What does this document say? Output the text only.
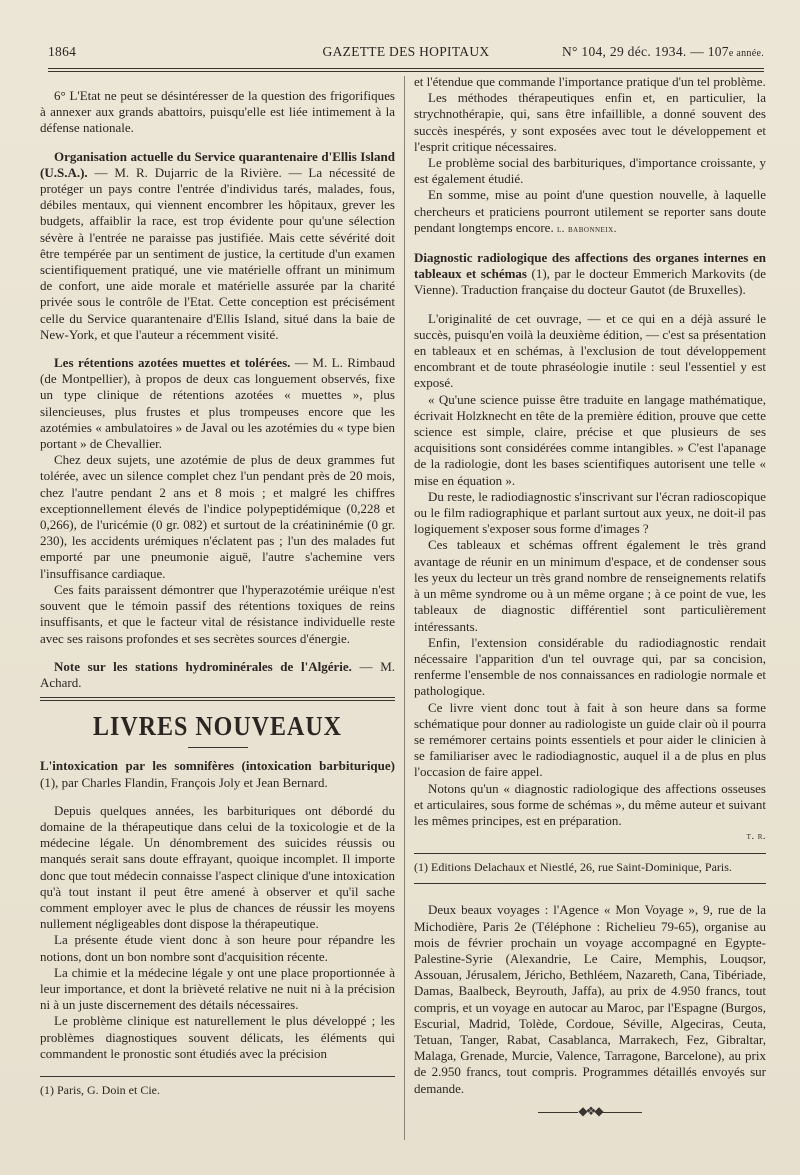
1864	GAZETTE DES HOPITAUX	N° 104, 29 déc. 1934. — 107e année.

6° L'Etat ne peut se désintéresser de la question des frigorifiques à annexer aux grands abattoirs, puisqu'elle est liée intimement à la défense nationale.

Organisation actuelle du Service quarantenaire d'Ellis Island (U.S.A.). — M. R. Dujarric de la Rivière. — La nécessité de protéger un pays contre l'entrée d'individus tarés, malades, fous, débiles mentaux, qui viennent encombrer les hôpitaux, grever les budgets, affaiblir la race, est trop évidente pour qu'une sélection sévère à l'entrée ne paraisse pas justifiée. Mais cette sévérité doit être tempérée par un sentiment de justice, la certitude d'un examen scientifiquement pratiqué, une vie matérielle offrant un minimum de confort, une aide morale et matérielle assurée par la charité privée sous le contrôle de l'Etat. Cette conception est précisément celle du Service quarantenaire d'Ellis Island, situé dans la baie de New-York, et que l'auteur a récemment visité.

Les rétentions azotées muettes et tolérées. — M. L. Rimbaud (de Montpellier), à propos de deux cas longuement observés, fixe un type clinique de rétentions azotées « muettes », plus silencieuses, plus frustes et plus trompeuses encore que les azotémies « ambulatoires » de Javal ou les azotémies du « type bien portant » de Chevallier.

Chez deux sujets, une azotémie de plus de deux grammes fut tolérée, avec un silence complet chez l'un pendant près de 20 mois, chez l'autre pendant 2 ans et 8 mois ; et malgré les chiffres exceptionnellement élevés de l'indice polypeptidémique (0,228 et 0,266), de l'uricémie (0 gr. 082) et surtout de la créatininémie (0 gr. 230), les accidents urémiques n'éclatent pas ; l'un des malades fut emporté par une pneumonie aiguë, l'autre s'achemine vers l'insuffisance cardiaque.

Ces faits paraissent démontrer que l'hyperazotémie uréique n'est souvent que le témoin passif des rétentions toxiques de reins insuffisants, et que le facteur vital de résistance individuelle reste avec ses raisons profondes et ses secrètes sources d'énergie.

Note sur les stations hydrominérales de l'Algérie. — M. Achard.

LIVRES NOUVEAUX

L'intoxication par les somnifères (intoxication barbiturique) (1), par Charles Flandin, François Joly et Jean Bernard.

Depuis quelques années, les barbituriques ont débordé du domaine de la thérapeutique dans celui de la toxicologie et de la médecine légale. Un dénombrement des suicides réussis ou manqués serait sans doute effrayant, quoique incomplet. Il importe donc que tout médecin connaisse l'aspect clinique d'une intoxication qu'à tout instant il peut être amené à observer et qu'il sache comment employer avec le plus de chances de réussir les moyens nullement négligeables dont dispose la thérapeutique.

La présente étude vient donc à son heure pour répandre les notions, dont un bon nombre sont d'acquisition récente.

La chimie et la médecine légale y ont une place proportionnée à leur importance, et dont la brièveté relative ne nuit ni à la précision ni à un juste discernement des détails nécessaires.

Le problème clinique est naturellement le plus développé ; les problèmes diagnostiques souvent délicats, les éléments qui commandent le pronostic sont étudiés avec la précision

(1) Paris, G. Doin et Cie.

et l'étendue que commande l'importance pratique d'un tel problème.

Les méthodes thérapeutiques enfin et, en particulier, la strychnothérapie, qui, sans être infaillible, a donné souvent des succès inespérés, y sont exposées avec tout le développement et l'esprit critique nécessaires.

Le problème social des barbituriques, d'importance croissante, y est également étudié.

En somme, mise au point d'une question nouvelle, à laquelle chercheurs et praticiens pourront utilement se reporter sans doute pendant longtemps encore. l. babonneix.

Diagnostic radiologique des affections des organes internes en tableaux et schémas (1), par le docteur Emmerich Markovits (de Vienne). Traduction française du docteur Gautot (de Bruxelles).

L'originalité de cet ouvrage, — et ce qui en a déjà assuré le succès, puisqu'en voilà la deuxième édition, — c'est sa présentation en tableaux et en schémas, à l'exclusion de tout développement encombrant et de toute phraséologie inutile : seul l'essentiel y est exposé.

« Qu'une science puisse être traduite en langage mathématique, écrivait Holzknecht en tête de la première édition, prouve que cette science est simple, claire, précise et que plusieurs de ses acquisitions sont considérées comme intangibles. » C'est l'apanage de la radiologie, dont les bases scientifiques autorisent une telle « mise en équation ».

Du reste, le radiodiagnostic s'inscrivant sur l'écran radioscopique ou le film radiographique et parlant surtout aux yeux, ne doit-il pas logiquement s'exposer sous forme d'images ?

Ces tableaux et schémas offrent également le très grand avantage de réunir en un minimum d'espace, et de condenser sous les yeux du lecteur un très grand nombre de renseignements relatifs à un même syndrome ou à un même organe ; à ce point de vue, les tableaux de diagnostic différentiel sont particulièrement intéressants.

Enfin, l'extension considérable du radiodiagnostic rendait nécessaire l'apparition d'un tel ouvrage qui, par sa concision, renferme l'ensemble de nos connaissances en radiologie normale et pathologique.

Ce livre vient donc tout à fait à son heure dans sa forme schématique pour donner au radiologiste un guide clair où il pourra se remémorer certains points essentiels et pour aider le clinicien à se familiariser avec le radiodiagnostic, auquel il a de plus en plus l'occasion de faire appel.

Notons qu'un « diagnostic radiologique des affections osseuses et articulaires, sous forme de schémas », du même auteur et suivant les mêmes principes, est en préparation.

t. r.

(1) Editions Delachaux et Niestlé, 26, rue Saint-Dominique, Paris.

Deux beaux voyages : l'Agence « Mon Voyage », 9, rue de la Michodière, Paris 2e (Téléphone : Richelieu 79-65), organise au mois de février prochain un voyage accompagné en Egypte-Palestine-Syrie (Alexandrie, Le Caire, Memphis, Louqsor, Assouan, Jérusalem, Jéricho, Bethléem, Nazareth, Cana, Tibériade, Damas, Baalbeck, Beyrouth, Jaffa), au prix de 4.950 francs, tout compris, et un voyage en autocar au Maroc, par l'Espagne (Burgos, Escurial, Madrid, Tolède, Cordoue, Séville, Algeciras, Ceuta, Tetuan, Tanger, Rabat, Casablanca, Marrakech, Fez, Gibraltar, Malaga, Grenade, Murcie, Valence, Tarragone, Barcelone), au prix de 2.950 francs, tout compris. Programmes détaillés envoyés sur demande.

◆❖◆
